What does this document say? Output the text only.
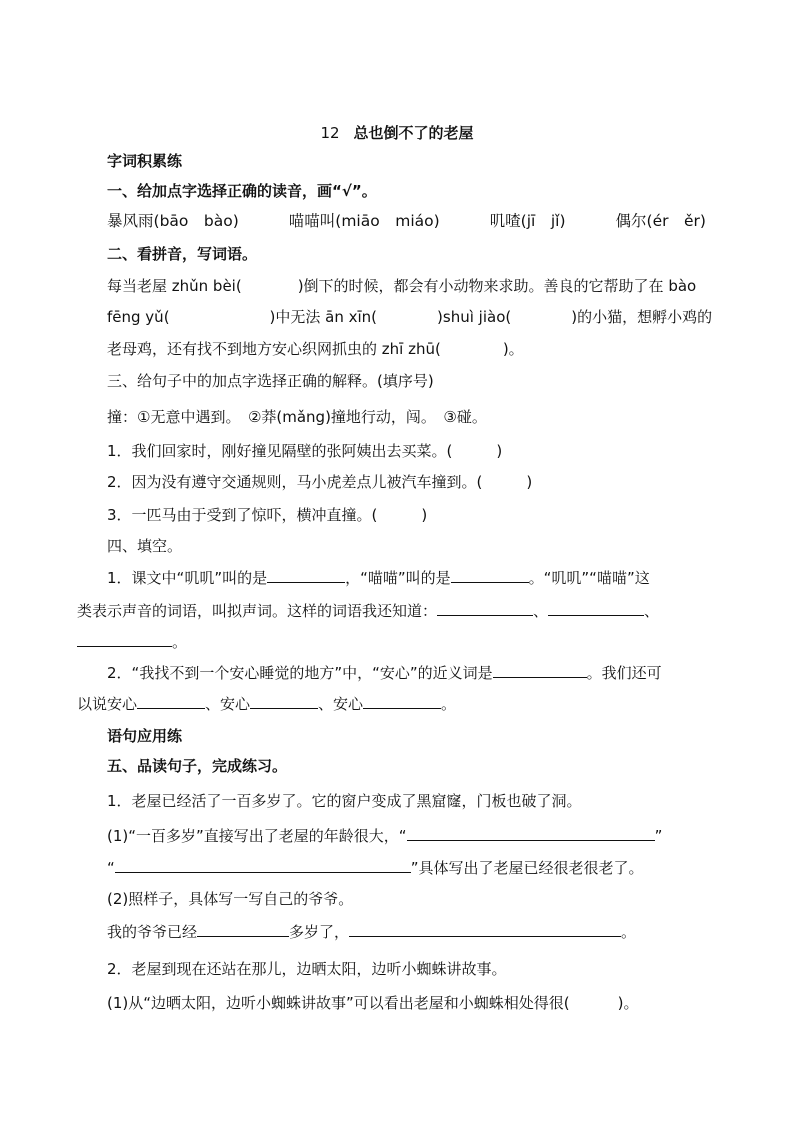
12 总也倒不了的老屋
字词积累练
一、给加点字选择正确的读音，画“√”。
暴风雨(bāo　bào)	喵喵叫(miāo　miáo)	叽喳(jī　jǐ)	偶尔(ér　ěr)
二、看拼音，写词语。
每当老屋 zhǔn bèi(	)倒下的时候，都会有小动物来求助。善良的它帮助了在 bào
fēng yǔ(	)中无法 ān xīn(	)shuì jiào(	)的小猫，想孵小鸡的
老母鸡，还有找不到地方安心织网抓虫的 zhī zhū(	)。
三、给句子中的加点字选择正确的解释。(填序号)
撞：①无意中遇到。　②莽(mǎng)撞地行动，闯。　③碰。
1．我们回家时，刚好撞见隔壁的张阿姨出去买菜。(	)
2．因为没有遵守交通规则，马小虎差点儿被汽车撞到。(	)
3．一匹马由于受到了惊吓，横冲直撞。(	)
四、填空。
1．课文中“叽叽”叫的是	，“喵喵”叫的是	。“叽叽”“喵喵”这
类表示声音的词语，叫拟声词。这样的词语我还知道：	、	、
。
2．“我找不到一个安心睡觉的地方”中，“安心”的近义词是	。我们还可
以说安心	、安心	、安心	。
语句应用练
五、品读句子，完成练习。
1．老屋已经活了一百多岁了。它的窗户变成了黑窟窿，门板也破了洞。
(1)“一百多岁”直接写出了老屋的年龄很大，“	”
“	”具体写出了老屋已经很老很老了。
(2)照样子，具体写一写自己的爷爷。
我的爷爷已经	多岁了，	。
2．老屋到现在还站在那儿，边晒太阳，边听小蜘蛛讲故事。
(1)从“边晒太阳，边听小蜘蛛讲故事”可以看出老屋和小蜘蛛相处得很(	)。
